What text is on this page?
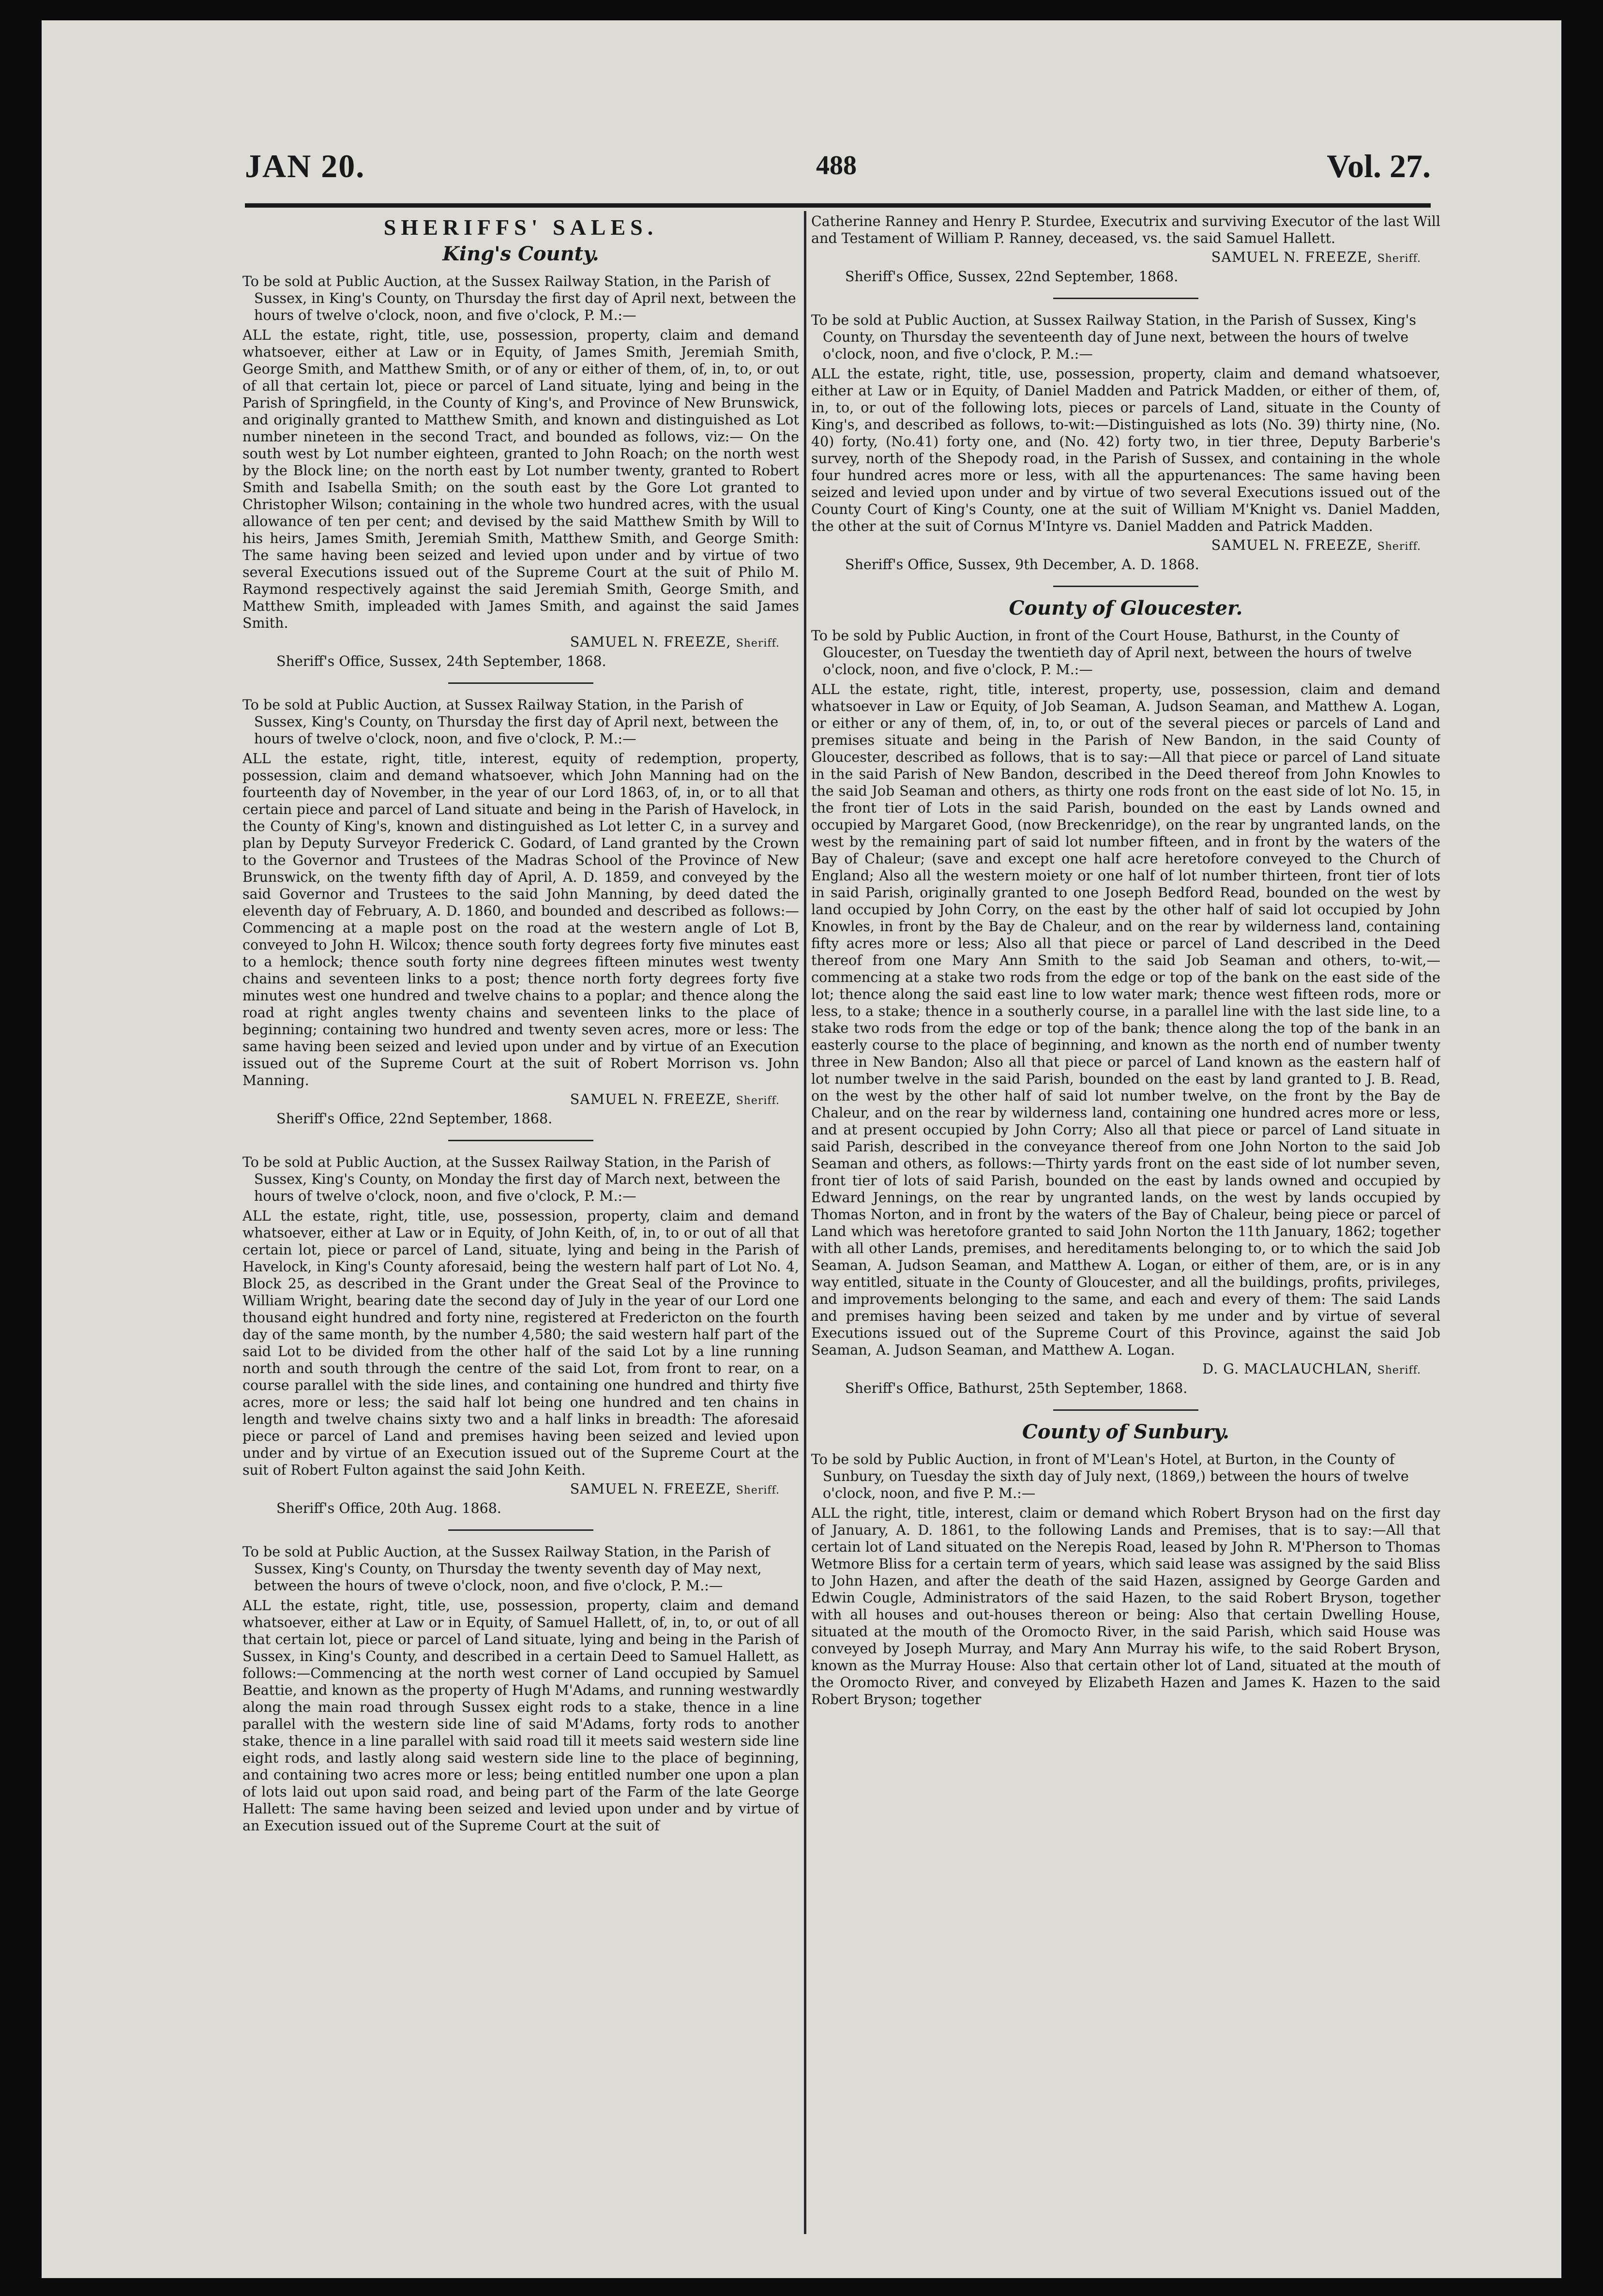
JAN 20.	488	Vol. 27.
SHERIFFS' SALES.
King's County.

To be sold at Public Auction, at the Sussex Railway Station, in the Parish of Sussex, in King's County, on Thursday the first day of April next, between the hours of twelve o'clock, noon, and five o'clock, P. M.:—

ALL the estate, right, title, use, possession, property, claim and demand whatsoever, either at Law or in Equity, of James Smith, Jeremiah Smith, George Smith, and Matthew Smith, or of any or either of them, of, in, to, or out of all that certain lot, piece or parcel of Land situate, lying and being in the Parish of Springfield, in the County of King's, and Province of New Brunswick, and originally granted to Matthew Smith, and known and distinguished as Lot number nineteen in the second Tract, and bounded as follows, viz:— On the south west by Lot number eighteen, granted to John Roach; on the north west by the Block line; on the north east by Lot number twenty, granted to Robert Smith and Isabella Smith; on the south east by the Gore Lot granted to Christopher Wilson; containing in the whole two hundred acres, with the usual allowance of ten per cent; and devised by the said Matthew Smith by Will to his heirs, James Smith, Jeremiah Smith, Matthew Smith, and George Smith: The same having been seized and levied upon under and by virtue of two several Executions issued out of the Supreme Court at the suit of Philo M. Raymond respectively against the said Jeremiah Smith, George Smith, and Matthew Smith, impleaded with James Smith, and against the said James Smith.

SAMUEL N. FREEZE, Sheriff.

Sheriff's Office, Sussex, 24th September, 1868.

To be sold at Public Auction, at Sussex Railway Station, in the Parish of Sussex, King's County, on Thursday the first day of April next, between the hours of twelve o'clock, noon, and five o'clock, P. M.:—

ALL the estate, right, title, interest, equity of redemption, property, possession, claim and demand whatsoever, which John Manning had on the fourteenth day of November, in the year of our Lord 1863, of, in, or to all that certain piece and parcel of Land situate and being in the Parish of Havelock, in the County of King's, known and distinguished as Lot letter C, in a survey and plan by Deputy Surveyor Frederick C. Godard, of Land granted by the Crown to the Governor and Trustees of the Madras School of the Province of New Brunswick, on the twenty fifth day of April, A. D. 1859, and conveyed by the said Governor and Trustees to the said John Manning, by deed dated the eleventh day of February, A. D. 1860, and bounded and described as follows:—Commencing at a maple post on the road at the western angle of Lot B, conveyed to John H. Wilcox; thence south forty degrees forty five minutes east to a hemlock; thence south forty nine degrees fifteen minutes west twenty chains and seventeen links to a post; thence north forty degrees forty five minutes west one hundred and twelve chains to a poplar; and thence along the road at right angles twenty chains and seventeen links to the place of beginning; containing two hundred and twenty seven acres, more or less: The same having been seized and levied upon under and by virtue of an Execution issued out of the Supreme Court at the suit of Robert Morrison vs. John Manning.

SAMUEL N. FREEZE, Sheriff.

Sheriff's Office, 22nd September, 1868.

To be sold at Public Auction, at the Sussex Railway Station, in the Parish of Sussex, King's County, on Monday the first day of March next, between the hours of twelve o'clock, noon, and five o'clock, P. M.:—

ALL the estate, right, title, use, possession, property, claim and demand whatsoever, either at Law or in Equity, of John Keith, of, in, to or out of all that certain lot, piece or parcel of Land, situate, lying and being in the Parish of Havelock, in King's County aforesaid, being the western half part of Lot No. 4, Block 25, as described in the Grant under the Great Seal of the Province to William Wright, bearing date the second day of July in the year of our Lord one thousand eight hundred and forty nine, registered at Fredericton on the fourth day of the same month, by the number 4,580; the said western half part of the said Lot to be divided from the other half of the said Lot by a line running north and south through the centre of the said Lot, from front to rear, on a course parallel with the side lines, and containing one hundred and thirty five acres, more or less; the said half lot being one hundred and ten chains in length and twelve chains sixty two and a half links in breadth: The aforesaid piece or parcel of Land and premises having been seized and levied upon under and by virtue of an Execution issued out of the Supreme Court at the suit of Robert Fulton against the said John Keith.

SAMUEL N. FREEZE, Sheriff.

Sheriff's Office, 20th Aug. 1868.

To be sold at Public Auction, at the Sussex Railway Station, in the Parish of Sussex, King's County, on Thursday the twenty seventh day of May next, between the hours of tweve o'clock, noon, and five o'clock, P. M.:—

ALL the estate, right, title, use, possession, property, claim and demand whatsoever, either at Law or in Equity, of Samuel Hallett, of, in, to, or out of all that certain lot, piece or parcel of Land situate, lying and being in the Parish of Sussex, in King's County, and described in a certain Deed to Samuel Hallett, as follows:—Commencing at the north west corner of Land occupied by Samuel Beattie, and known as the property of Hugh M'Adams, and running westwardly along the main road through Sussex eight rods to a stake, thence in a line parallel with the western side line of said M'Adams, forty rods to another stake, thence in a line parallel with said road till it meets said western side line eight rods, and lastly along said western side line to the place of beginning, and containing two acres more or less; being entitled number one upon a plan of lots laid out upon said road, and being part of the Farm of the late George Hallett: The same having been seized and levied upon under and by virtue of an Execution issued out of the Supreme Court at the suit of

Catherine Ranney and Henry P. Sturdee, Executrix and surviving Executor of the last Will and Testament of William P. Ranney, deceased, vs. the said Samuel Hallett.

SAMUEL N. FREEZE, Sheriff.

Sheriff's Office, Sussex, 22nd September, 1868.

To be sold at Public Auction, at Sussex Railway Station, in the Parish of Sussex, King's County, on Thursday the seventeenth day of June next, between the hours of twelve o'clock, noon, and five o'clock, P. M.:—

ALL the estate, right, title, use, possession, property, claim and demand whatsoever, either at Law or in Equity, of Daniel Madden and Patrick Madden, or either of them, of, in, to, or out of the following lots, pieces or parcels of Land, situate in the County of King's, and described as follows, to-wit:—Distinguished as lots (No. 39) thirty nine, (No. 40) forty, (No.41) forty one, and (No. 42) forty two, in tier three, Deputy Barberie's survey, north of the Shepody road, in the Parish of Sussex, and containing in the whole four hundred acres more or less, with all the appurtenances: The same having been seized and levied upon under and by virtue of two several Executions issued out of the County Court of King's County, one at the suit of William M'Knight vs. Daniel Madden, the other at the suit of Cornus M'Intyre vs. Daniel Madden and Patrick Madden.

SAMUEL N. FREEZE, Sheriff.

Sheriff's Office, Sussex, 9th December, A. D. 1868.

County of Gloucester.

To be sold by Public Auction, in front of the Court House, Bathurst, in the County of Gloucester, on Tuesday the twentieth day of April next, between the hours of twelve o'clock, noon, and five o'clock, P. M.:—

ALL the estate, right, title, interest, property, use, possession, claim and demand whatsoever in Law or Equity, of Job Seaman, A. Judson Seaman, and Matthew A. Logan, or either or any of them, of, in, to, or out of the several pieces or parcels of Land and premises situate and being in the Parish of New Bandon, in the said County of Gloucester, described as follows, that is to say:—All that piece or parcel of Land situate in the said Parish of New Bandon, described in the Deed thereof from John Knowles to the said Job Seaman and others, as thirty one rods front on the east side of lot No. 15, in the front tier of Lots in the said Parish, bounded on the east by Lands owned and occupied by Margaret Good, (now Breckenridge), on the rear by ungranted lands, on the west by the remaining part of said lot number fifteen, and in front by the waters of the Bay of Chaleur; (save and except one half acre heretofore conveyed to the Church of England; Also all the western moiety or one half of lot number thirteen, front tier of lots in said Parish, originally granted to one Joseph Bedford Read, bounded on the west by land occupied by John Corry, on the east by the other half of said lot occupied by John Knowles, in front by the Bay de Chaleur, and on the rear by wilderness land, containing fifty acres more or less; Also all that piece or parcel of Land described in the Deed thereof from one Mary Ann Smith to the said Job Seaman and others, to-wit,—commencing at a stake two rods from the edge or top of the bank on the east side of the lot; thence along the said east line to low water mark; thence west fifteen rods, more or less, to a stake; thence in a southerly course, in a parallel line with the last side line, to a stake two rods from the edge or top of the bank; thence along the top of the bank in an easterly course to the place of beginning, and known as the north end of number twenty three in New Bandon; Also all that piece or parcel of Land known as the eastern half of lot number twelve in the said Parish, bounded on the east by land granted to J. B. Read, on the west by the other half of said lot number twelve, on the front by the Bay de Chaleur, and on the rear by wilderness land, containing one hundred acres more or less, and at present occupied by John Corry; Also all that piece or parcel of Land situate in said Parish, described in the conveyance thereof from one John Norton to the said Job Seaman and others, as follows:—Thirty yards front on the east side of lot number seven, front tier of lots of said Parish, bounded on the east by lands owned and occupied by Edward Jennings, on the rear by ungranted lands, on the west by lands occupied by Thomas Norton, and in front by the waters of the Bay of Chaleur, being piece or parcel of Land which was heretofore granted to said John Norton the 11th January, 1862; together with all other Lands, premises, and hereditaments belonging to, or to which the said Job Seaman, A. Judson Seaman, and Matthew A. Logan, or either of them, are, or is in any way entitled, situate in the County of Gloucester, and all the buildings, profits, privileges, and improvements belonging to the same, and each and every of them: The said Lands and premises having been seized and taken by me under and by virtue of several Executions issued out of the Supreme Court of this Province, against the said Job Seaman, A. Judson Seaman, and Matthew A. Logan.

D. G. MACLAUCHLAN, Sheriff.

Sheriff's Office, Bathurst, 25th September, 1868.

County of Sunbury.

To be sold by Public Auction, in front of M'Lean's Hotel, at Burton, in the County of Sunbury, on Tuesday the sixth day of July next, (1869,) between the hours of twelve o'clock, noon, and five P. M.:—

ALL the right, title, interest, claim or demand which Robert Bryson had on the first day of January, A. D. 1861, to the following Lands and Premises, that is to say:—All that certain lot of Land situated on the Nerepis Road, leased by John R. M'Pherson to Thomas Wetmore Bliss for a certain term of years, which said lease was assigned by the said Bliss to John Hazen, and after the death of the said Hazen, assigned by George Garden and Edwin Cougle, Administrators of the said Hazen, to the said Robert Bryson, together with all houses and out-houses thereon or being: Also that certain Dwelling House, situated at the mouth of the Oromocto River, in the said Parish, which said House was conveyed by Joseph Murray, and Mary Ann Murray his wife, to the said Robert Bryson, known as the Murray House: Also that certain other lot of Land, situated at the mouth of the Oromocto River, and conveyed by Elizabeth Hazen and James K. Hazen to the said Robert Bryson; together
